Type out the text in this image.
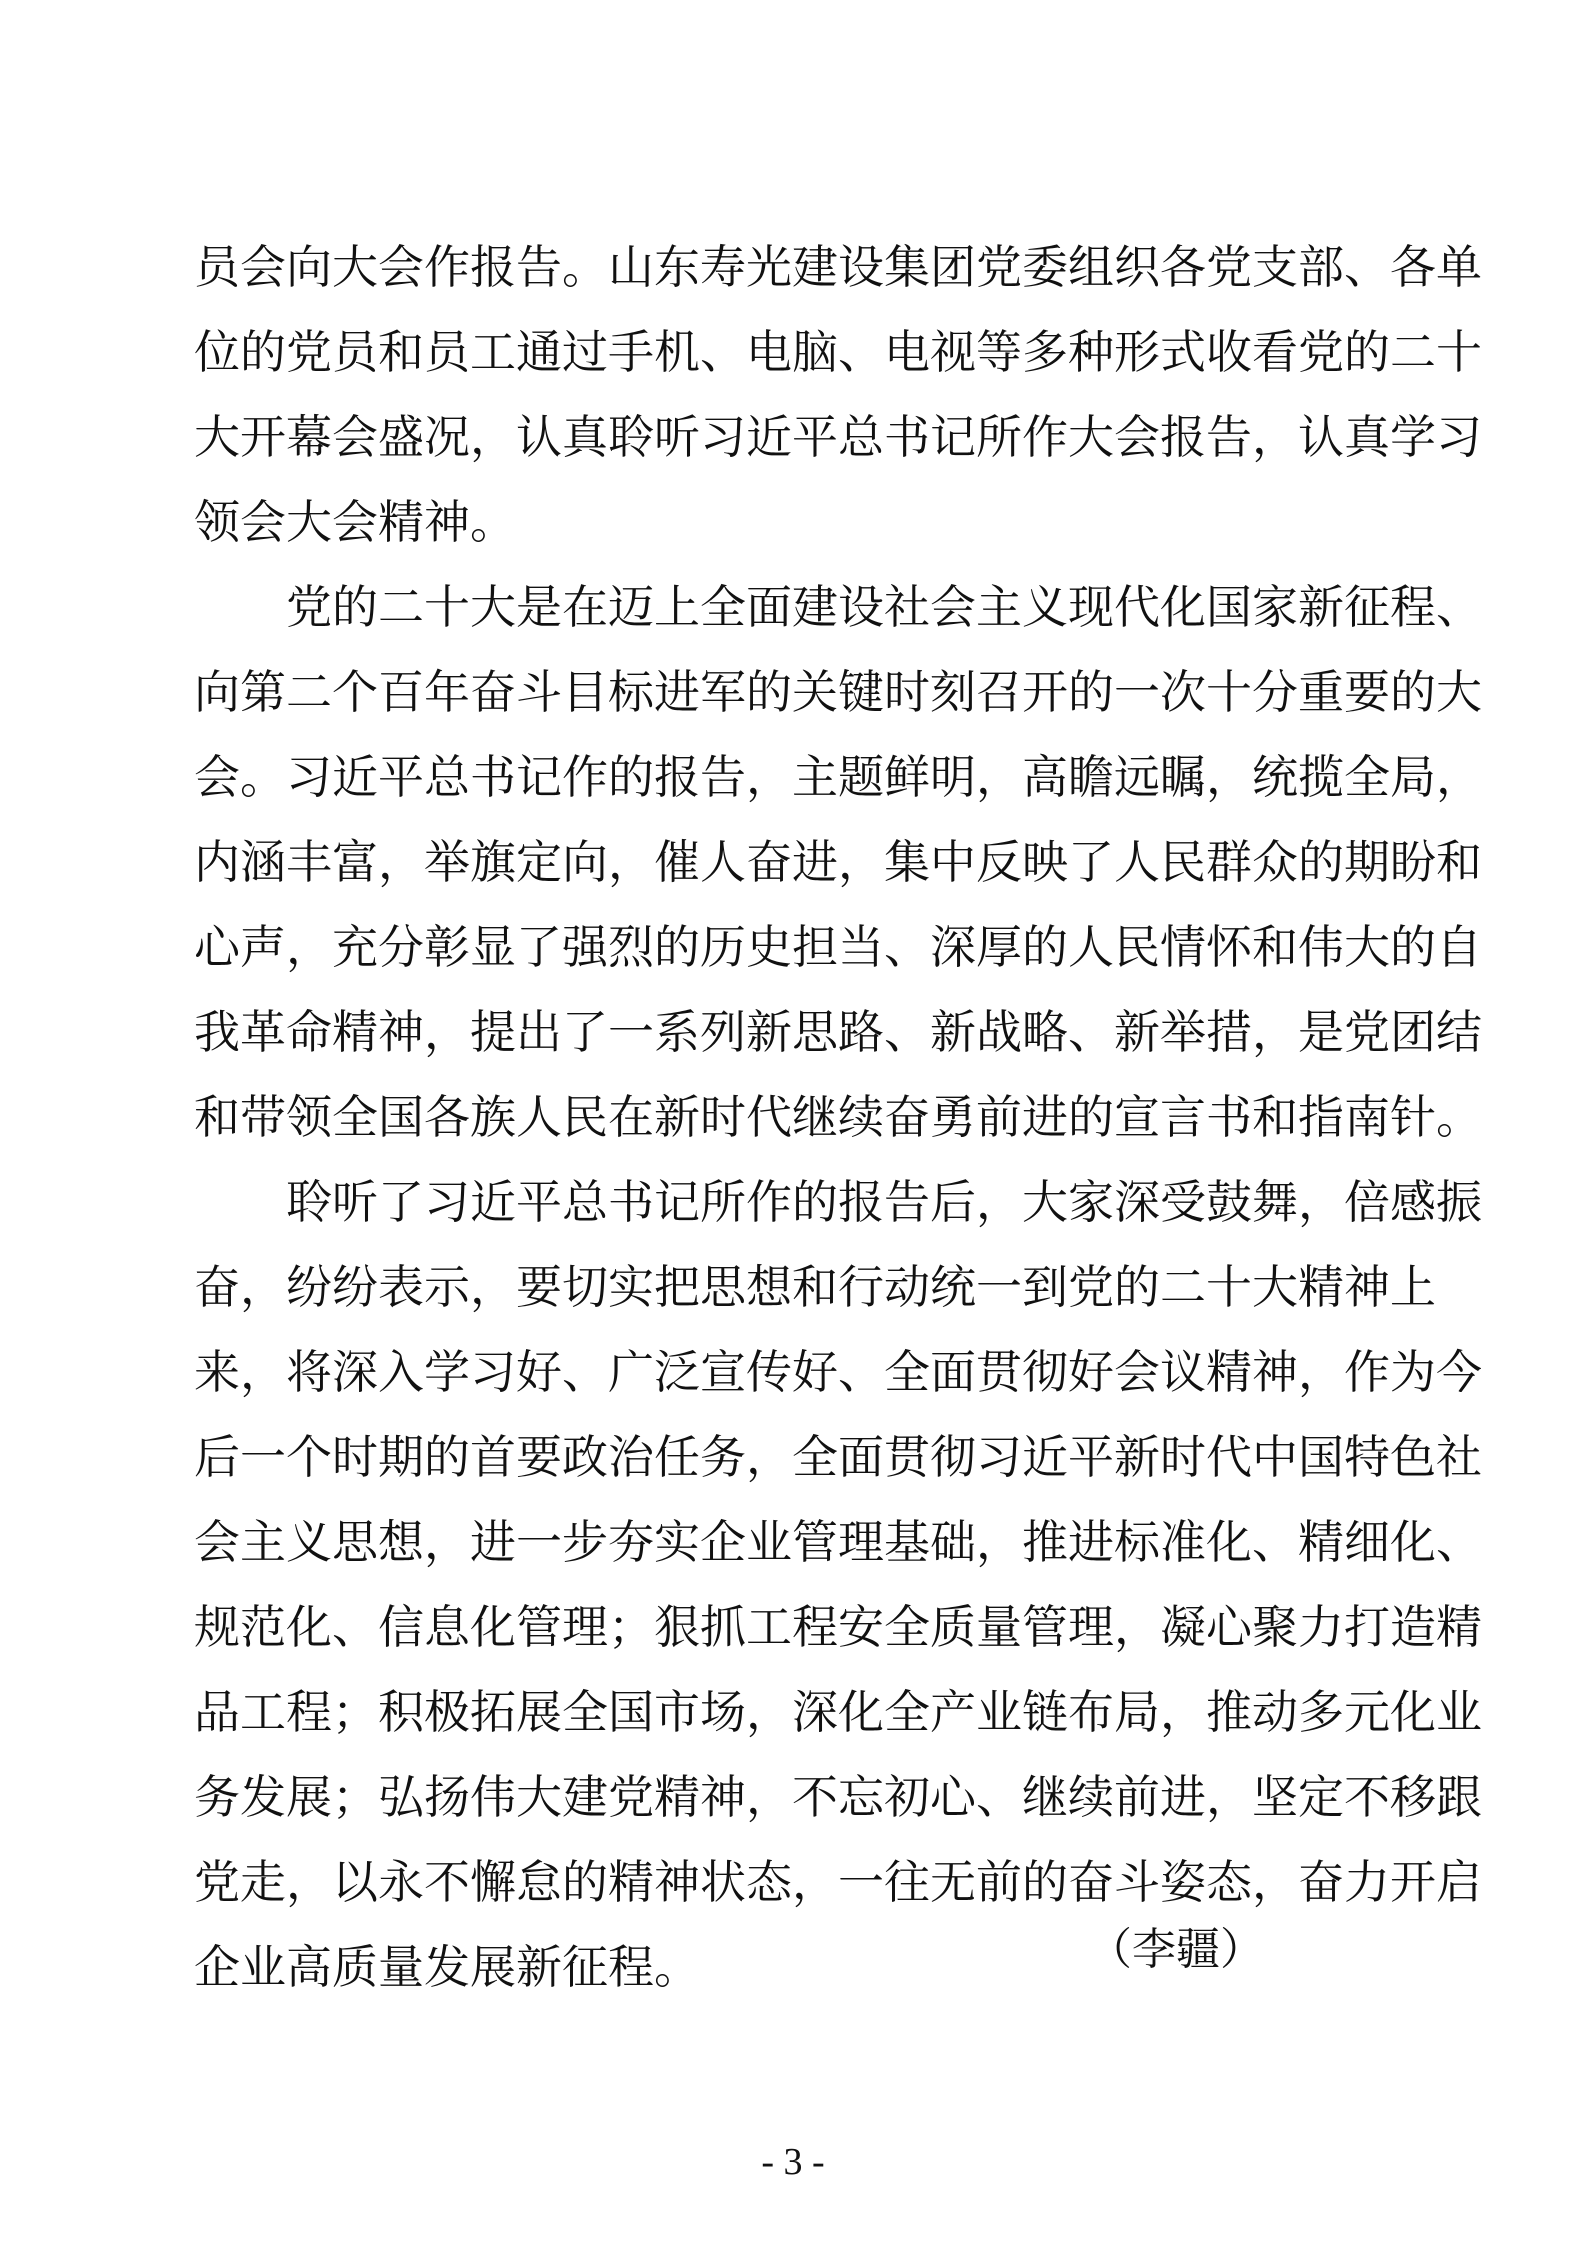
员会向大会作报告。山东寿光建设集团党委组织各党支部、各单

位的党员和员工通过手机、电脑、电视等多种形式收看党的二十

大开幕会盛况，认真聆听习近平总书记所作大会报告，认真学习

领会大会精神。

党的二十大是在迈上全面建设社会主义现代化国家新征程、

向第二个百年奋斗目标进军的关键时刻召开的一次十分重要的大

会。习近平总书记作的报告，主题鲜明，高瞻远瞩，统揽全局，

内涵丰富，举旗定向，催人奋进，集中反映了人民群众的期盼和

心声，充分彰显了强烈的历史担当、深厚的人民情怀和伟大的自

我革命精神，提出了一系列新思路、新战略、新举措，是党团结

和带领全国各族人民在新时代继续奋勇前进的宣言书和指南针。

聆听了习近平总书记所作的报告后，大家深受鼓舞，倍感振

奋，纷纷表示，要切实把思想和行动统一到党的二十大精神上

来，将深入学习好、广泛宣传好、全面贯彻好会议精神，作为今

后一个时期的首要政治任务，全面贯彻习近平新时代中国特色社

会主义思想，进一步夯实企业管理基础，推进标准化、精细化、

规范化、信息化管理；狠抓工程安全质量管理，凝心聚力打造精

品工程；积极拓展全国市场，深化全产业链布局，推动多元化业

务发展；弘扬伟大建党精神，不忘初心、继续前进，坚定不移跟

党走，以永不懈怠的精神状态，一往无前的奋斗姿态，奋力开启

企业高质量发展新征程。	（李疆）
- 3 -
